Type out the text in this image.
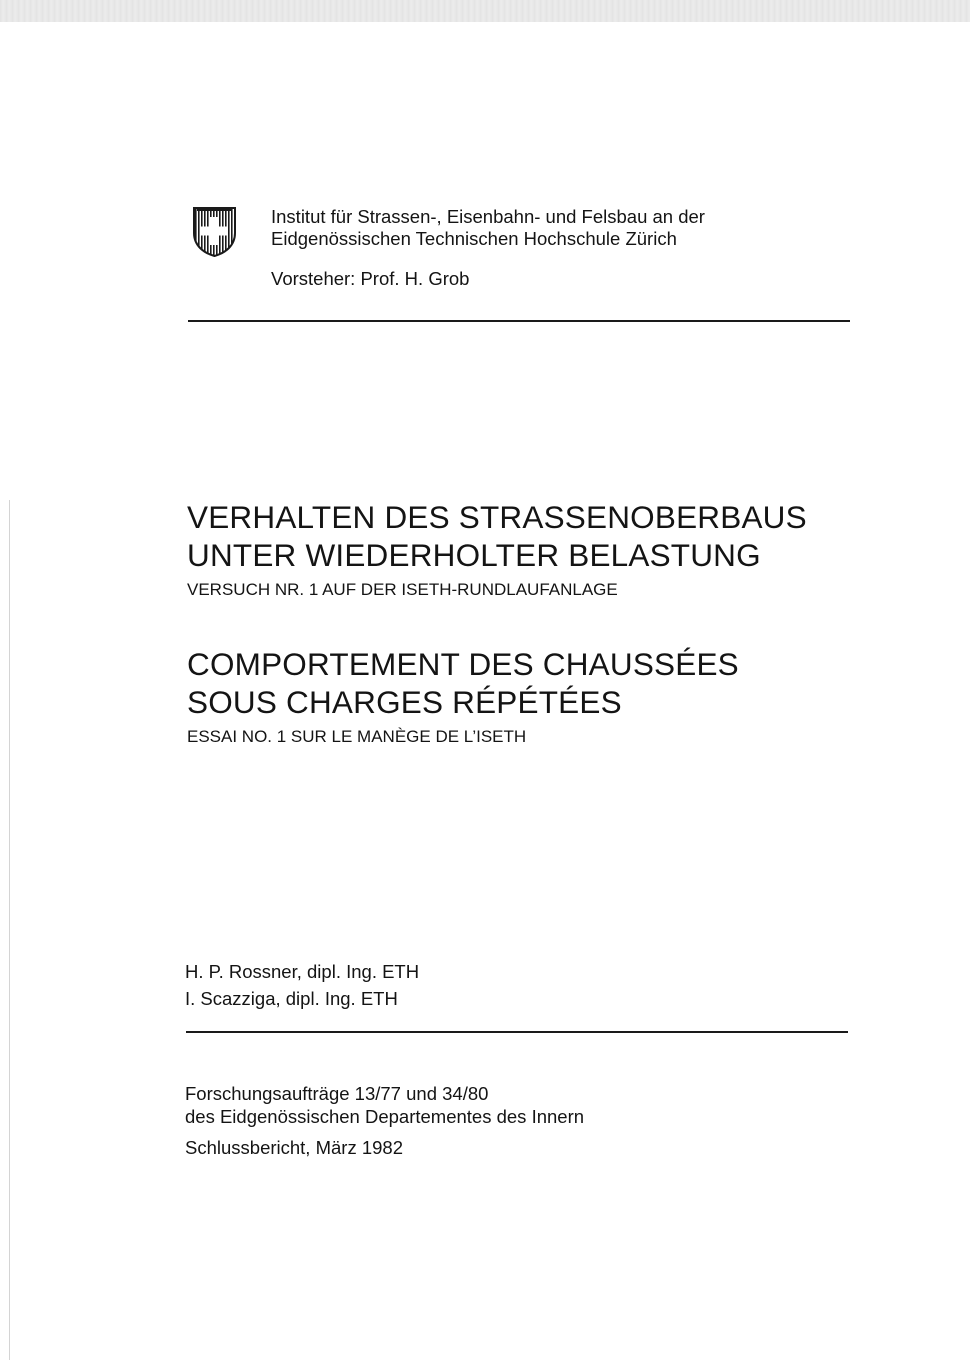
Institut für Strassen-, Eisenbahn- und Felsbau an der

Eidgenössischen Technischen Hochschule Zürich

Vorsteher: Prof. H. Grob

VERHALTEN DES STRASSENOBERBAUS
UNTER WIEDERHOLTER BELASTUNG
VERSUCH NR. 1 AUF DER ISETH-RUNDLAUFANLAGE
COMPORTEMENT DES CHAUSSÉES
SOUS CHARGES RÉPÉTÉES
ESSAI NO. 1 SUR LE MANÈGE DE L’ISETH

H. P. Rossner, dipl. Ing. ETH

I. Scazziga, dipl. Ing. ETH

Forschungsaufträge 13/77 und 34/80

des Eidgenössischen Departementes des Innern

Schlussbericht, März 1982
